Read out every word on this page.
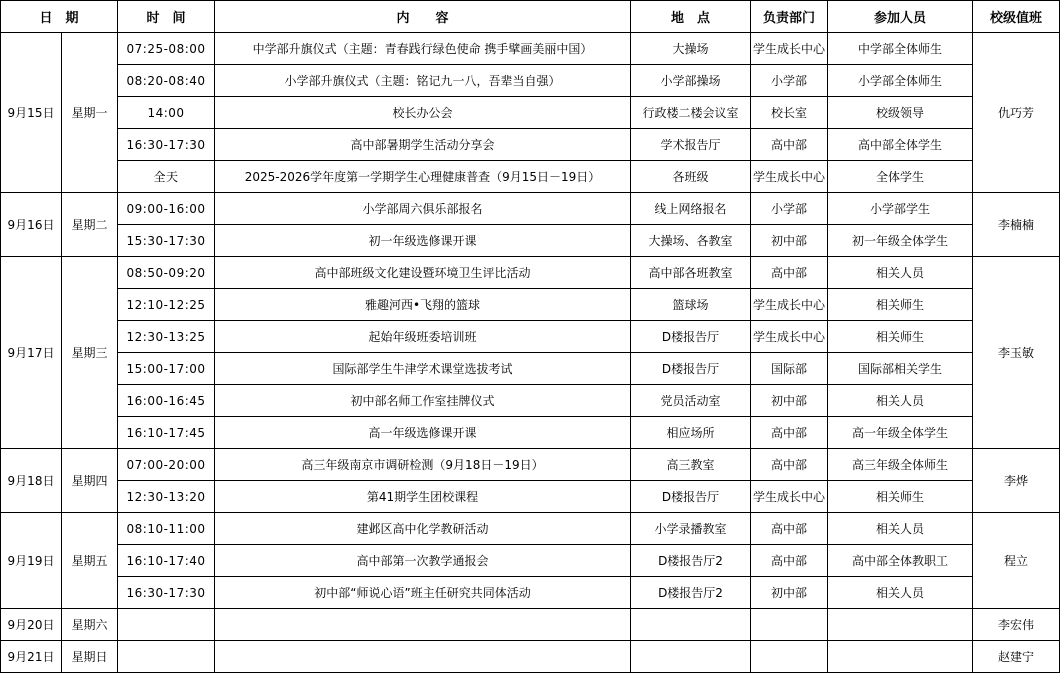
日　期		时　间	内　　容	地　点	负责部门	参加人员	校级值班
9月15日	星期一	07:25-08:00	中学部升旗仪式（主题：青春践行绿色使命 携手擘画美丽中国）	大操场	学生成长中心	中学部全体师生	仇巧芳
		08:20-08:40	小学部升旗仪式（主题：铭记九一八，吾辈当自强）	小学部操场	小学部	小学部全体师生	
		14:00	校长办公会	行政楼二楼会议室	校长室	校级领导	
		16:30-17:30	高中部暑期学生活动分享会	学术报告厅	高中部	高中部全体学生	
		全天	2025-2026学年度第一学期学生心理健康普查（9月15日－19日）	各班级	学生成长中心	全体学生	
9月16日	星期二	09:00-16:00	小学部周六俱乐部报名	线上网络报名	小学部	小学部学生	李楠楠
		15:30-17:30	初一年级选修课开课	大操场、各教室	初中部	初一年级全体学生	
9月17日	星期三	08:50-09:20	高中部班级文化建设暨环境卫生评比活动	高中部各班教室	高中部	相关人员	李玉敏
		12:10-12:25	雅趣河西•飞翔的篮球	篮球场	学生成长中心	相关师生	
		12:30-13:25	起始年级班委培训班	D楼报告厅	学生成长中心	相关师生	
		15:00-17:00	国际部学生牛津学术课堂选拔考试	D楼报告厅	国际部	国际部相关学生	
		16:00-16:45	初中部名师工作室挂牌仪式	党员活动室	初中部	相关人员	
		16:10-17:45	高一年级选修课开课	相应场所	高中部	高一年级全体学生	
9月18日	星期四	07:00-20:00	高三年级南京市调研检测（9月18日－19日）	高三教室	高中部	高三年级全体师生	李烨
		12:30-13:20	第41期学生团校课程	D楼报告厅	学生成长中心	相关师生	
9月19日	星期五	08:10-11:00	建邺区高中化学教研活动	小学录播教室	高中部	相关人员	程立
		16:10-17:40	高中部第一次教学通报会	D楼报告厅2	高中部	高中部全体教职工	
		16:30-17:30	初中部“师说心语”班主任研究共同体活动	D楼报告厅2	初中部	相关人员	
9月20日	星期六						李宏伟
9月21日	星期日						赵建宁
